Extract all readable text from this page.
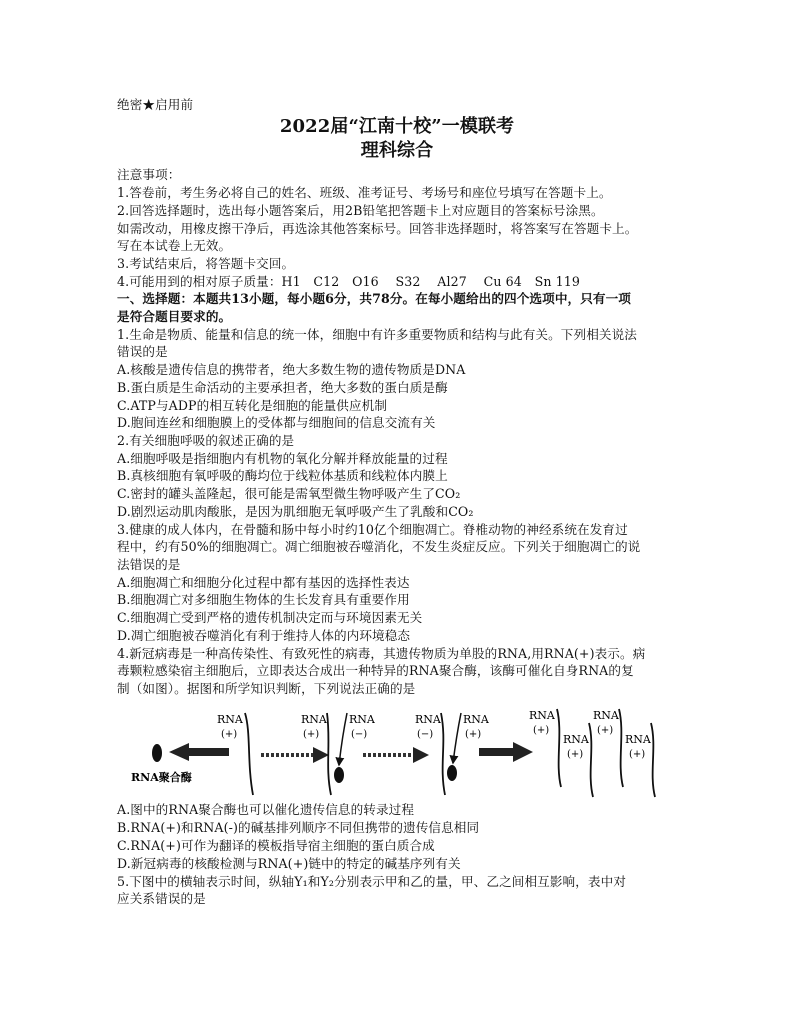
绝密★启用前
2022届“江南十校”一模联考
理科综合
注意事项：
1.答卷前，考生务必将自己的姓名、班级、准考证号、考场号和座位号填写在答题卡上。
2.回答选择题时，选出每小题答案后，用2B铅笔把答题卡上对应题目的答案标号涂黑。
如需改动，用橡皮擦干净后，再选涂其他答案标号。回答非选择题时，将答案写在答题卡上。
写在本试卷上无效。
3.考试结束后，将答题卡交回。
4.可能用到的相对原子质量：H1　C12　O16　 S32　 Al27　 Cu 64　Sn 119
一、选择题：本题共13小题，每小题6分，共78分。在每小题给出的四个选项中，只有一项
是符合题目要求的。
1.生命是物质、能量和信息的统一体，细胞中有许多重要物质和结构与此有关。下列相关说法
错误的是
A.核酸是遗传信息的携带者，绝大多数生物的遗传物质是DNA
B.蛋白质是生命活动的主要承担者，绝大多数的蛋白质是酶
C.ATP与ADP的相互转化是细胞的能量供应机制
D.胞间连丝和细胞膜上的受体都与细胞间的信息交流有关
2.有关细胞呼吸的叙述正确的是
A.细胞呼吸是指细胞内有机物的氧化分解并释放能量的过程
B.真核细胞有氧呼吸的酶均位于线粒体基质和线粒体内膜上
C.密封的罐头盖隆起，很可能是需氧型微生物呼吸产生了CO₂
D.剧烈运动肌肉酸胀，是因为肌细胞无氧呼吸产生了乳酸和CO₂
3.健康的成人体内，在骨髓和肠中每小时约10亿个细胞凋亡。脊椎动物的神经系统在发育过
程中，约有50%的细胞凋亡。凋亡细胞被吞噬消化，不发生炎症反应。下列关于细胞凋亡的说
法错误的是
A.细胞凋亡和细胞分化过程中都有基因的选择性表达
B.细胞凋亡对多细胞生物体的生长发育具有重要作用
C.细胞凋亡受到严格的遗传机制决定而与环境因素无关
D.凋亡细胞被吞噬消化有利于维持人体的内环境稳态
4.新冠病毒是一种高传染性、有致死性的病毒，其遗传物质为单股的RNA,用RNA(+)表示。病
毒颗粒感染宿主细胞后，立即表达合成出一种特异的RNA聚合酶，该酶可催化自身RNA的复
制（如图）。据图和所学知识判断，下列说法正确的是
RNA聚合酶
RNA
(+)
RNA
(+)
RNA
(−)
RNA
(−)
RNA
(+)
RNA
(+)
RNA
(+)
RNA
(+)
RNA
(+)
A.图中的RNA聚合酶也可以催化遗传信息的转录过程
B.RNA(+)和RNA(-)的碱基排列顺序不同但携带的遗传信息相同
C.RNA(+)可作为翻译的模板指导宿主细胞的蛋白质合成
D.新冠病毒的核酸检测与RNA(+)链中的特定的碱基序列有关
5.下图中的横轴表示时间，纵轴Y₁和Y₂分别表示甲和乙的量，甲、乙之间相互影响，表中对
应关系错误的是
